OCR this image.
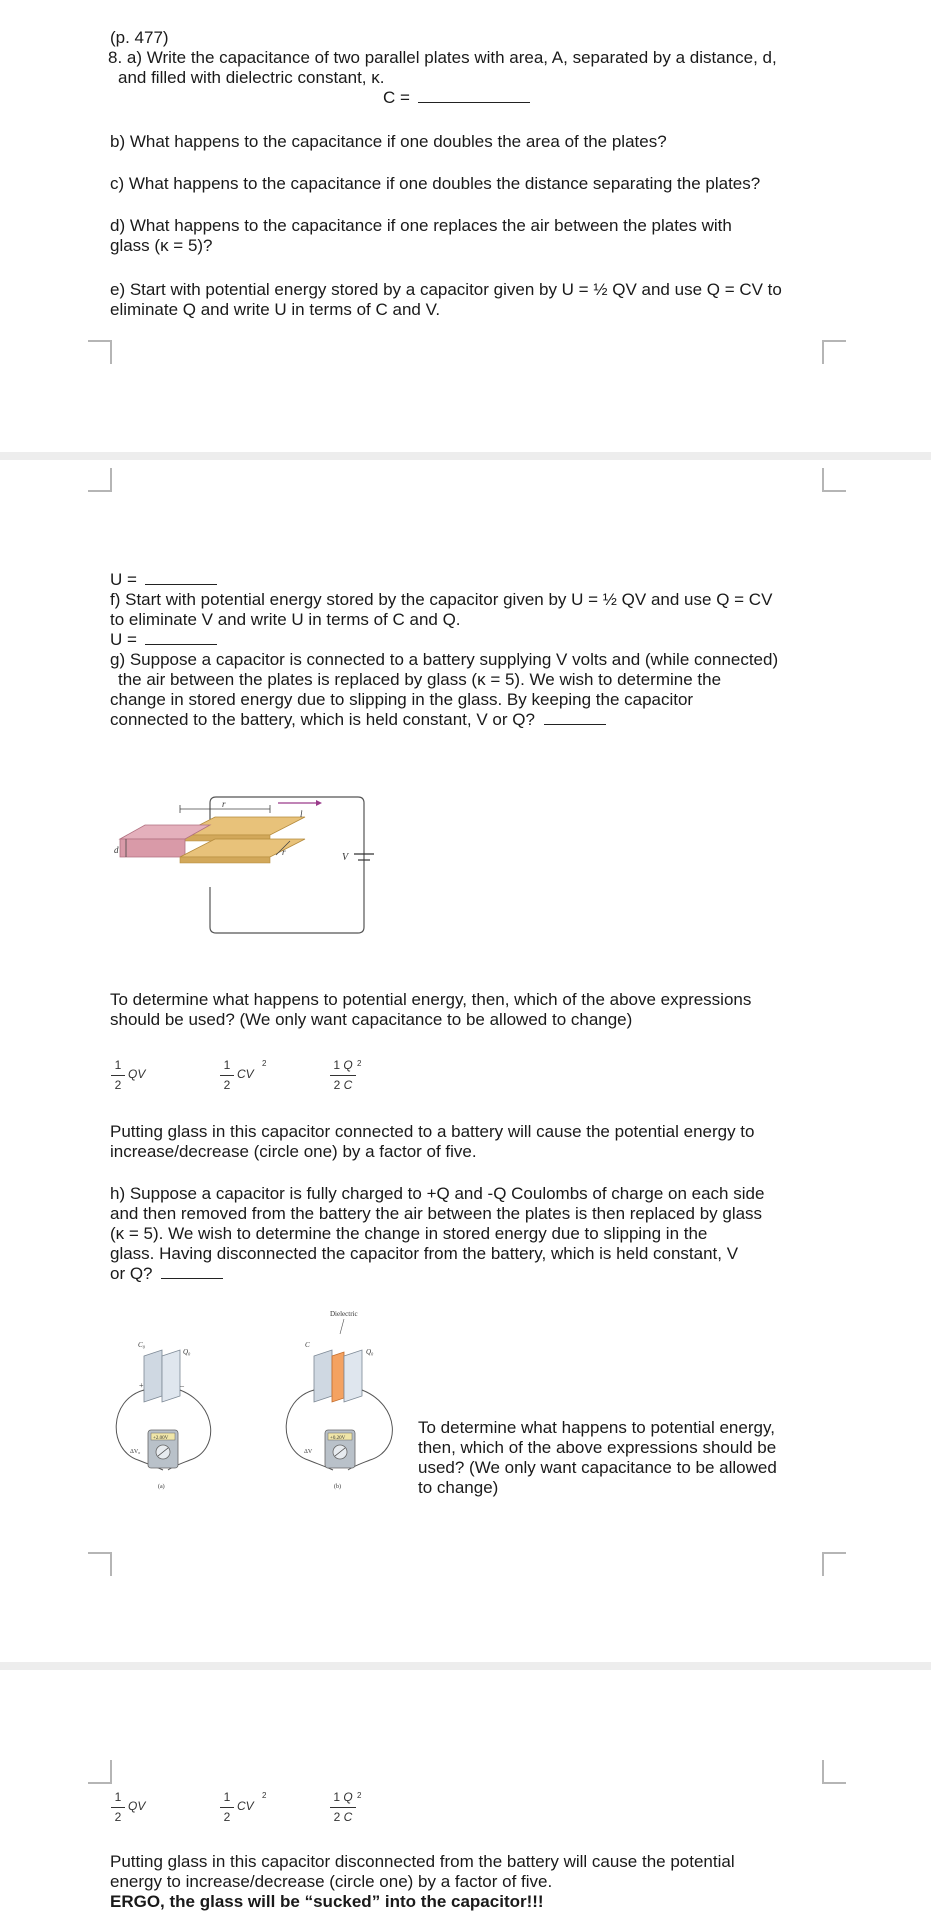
(p. 477)

8. a) Write the capacitance of two parallel plates with area, A, separated by a distance, d,

and filled with dielectric constant, κ.

C =

b) What happens to the capacitance if one doubles the area of the plates?

c) What happens to the capacitance if one doubles the distance separating the plates?

d) What happens to the capacitance if one replaces the air between the plates with

glass (κ = 5)?

e) Start with potential energy stored by a capacitor given by U = ½ QV and use Q = CV to

eliminate Q and write U in terms of C and V.

U =

f) Start with potential energy stored by the capacitor given by U = ½ QV and use Q = CV

to eliminate V and write U in terms of C and Q.

U =

g) Suppose a capacitor is connected to a battery supplying V volts and (while connected)

the air between the plates is replaced by glass (κ = 5). We wish to determine the

change in stored energy due to slipping in the glass. By keeping the capacitor

connected to the battery, which is held constant, V or Q?

V
r
r
l
d

To determine what happens to potential energy, then, which of the above expressions

should be used? (We only want capacitance to be allowed to change)

1
2
QV
1
2
CV
2	1 Q 2
2 C

Putting glass in this capacitor connected to a battery will cause the potential energy to

increase/decrease (circle one) by a factor of five.

h) Suppose a capacitor is fully charged to +Q and -Q Coulombs of charge on each side

and then removed from the battery the air between the plates is then replaced by glass

(κ = 5). We wish to determine the change in stored energy due to slipping in the

glass. Having disconnected the capacitor from the battery, which is held constant, V

or Q?

C₀
Q₀
+	–
+2.00V
ΔV₀
(a)
Dielectric
C
Q₀
+0.20V
ΔV
(b)

To determine what happens to potential energy,

then, which of the above expressions should be

used? (We only want capacitance to be allowed

to change)

1
2
QV
1
2
CV
2	1 Q 2
2 C

Putting glass in this capacitor disconnected from the battery will cause the potential

energy to increase/decrease (circle one) by a factor of five.

ERGO, the glass will be “sucked” into the capacitor!!!
